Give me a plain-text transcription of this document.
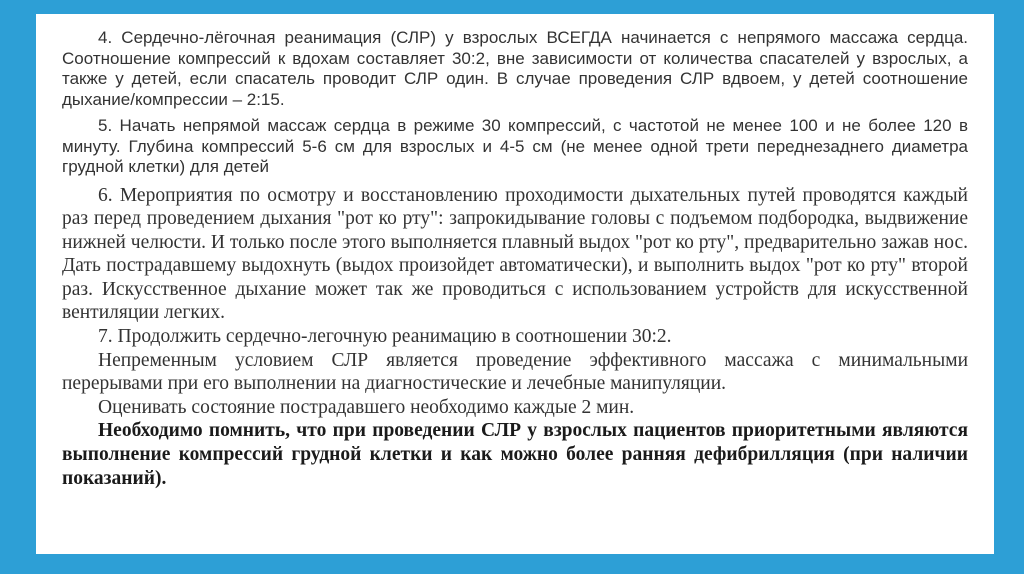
4. Сердечно-лёгочная реанимация (СЛР) у взрослых ВСЕГДА начинается с непрямого массажа сердца. Соотношение компрессий к вдохам составляет 30:2, вне зависимости от количества спасателей у взрослых, а также у детей, если спасатель проводит СЛР один. В случае проведения СЛР вдвоем, у детей соотношение дыхание/компрессии – 2:15.

5. Начать непрямой массаж сердца в режиме 30 компрессий, с частотой не менее 100 и не более 120 в минуту. Глубина компрессий 5-6 см для взрослых и 4-5 см (не менее одной трети переднезаднего диаметра грудной клетки) для детей

6. Мероприятия по осмотру и восстановлению проходимости дыхательных путей проводятся каждый раз перед проведением дыхания "рот ко рту": запрокидывание головы с подъемом подбородка, выдвижение нижней челюсти. И только после этого выполняется плавный выдох "рот ко рту", предварительно зажав нос. Дать пострадавшему выдохнуть (выдох произойдет автоматически), и выполнить выдох "рот ко рту" второй раз. Искусственное дыхание может так же проводиться с использованием устройств для искусственной вентиляции легких.

7. Продолжить сердечно-легочную реанимацию в соотношении 30:2.

Непременным условием СЛР является проведение эффективного массажа с минимальными перерывами при его выполнении на диагностические и лечебные манипуляции.

Оценивать состояние пострадавшего необходимо каждые 2 мин.

Необходимо помнить, что при проведении СЛР у взрослых пациентов приоритетными являются выполнение компрессий грудной клетки и как можно более ранняя дефибрилляция (при наличии показаний).
